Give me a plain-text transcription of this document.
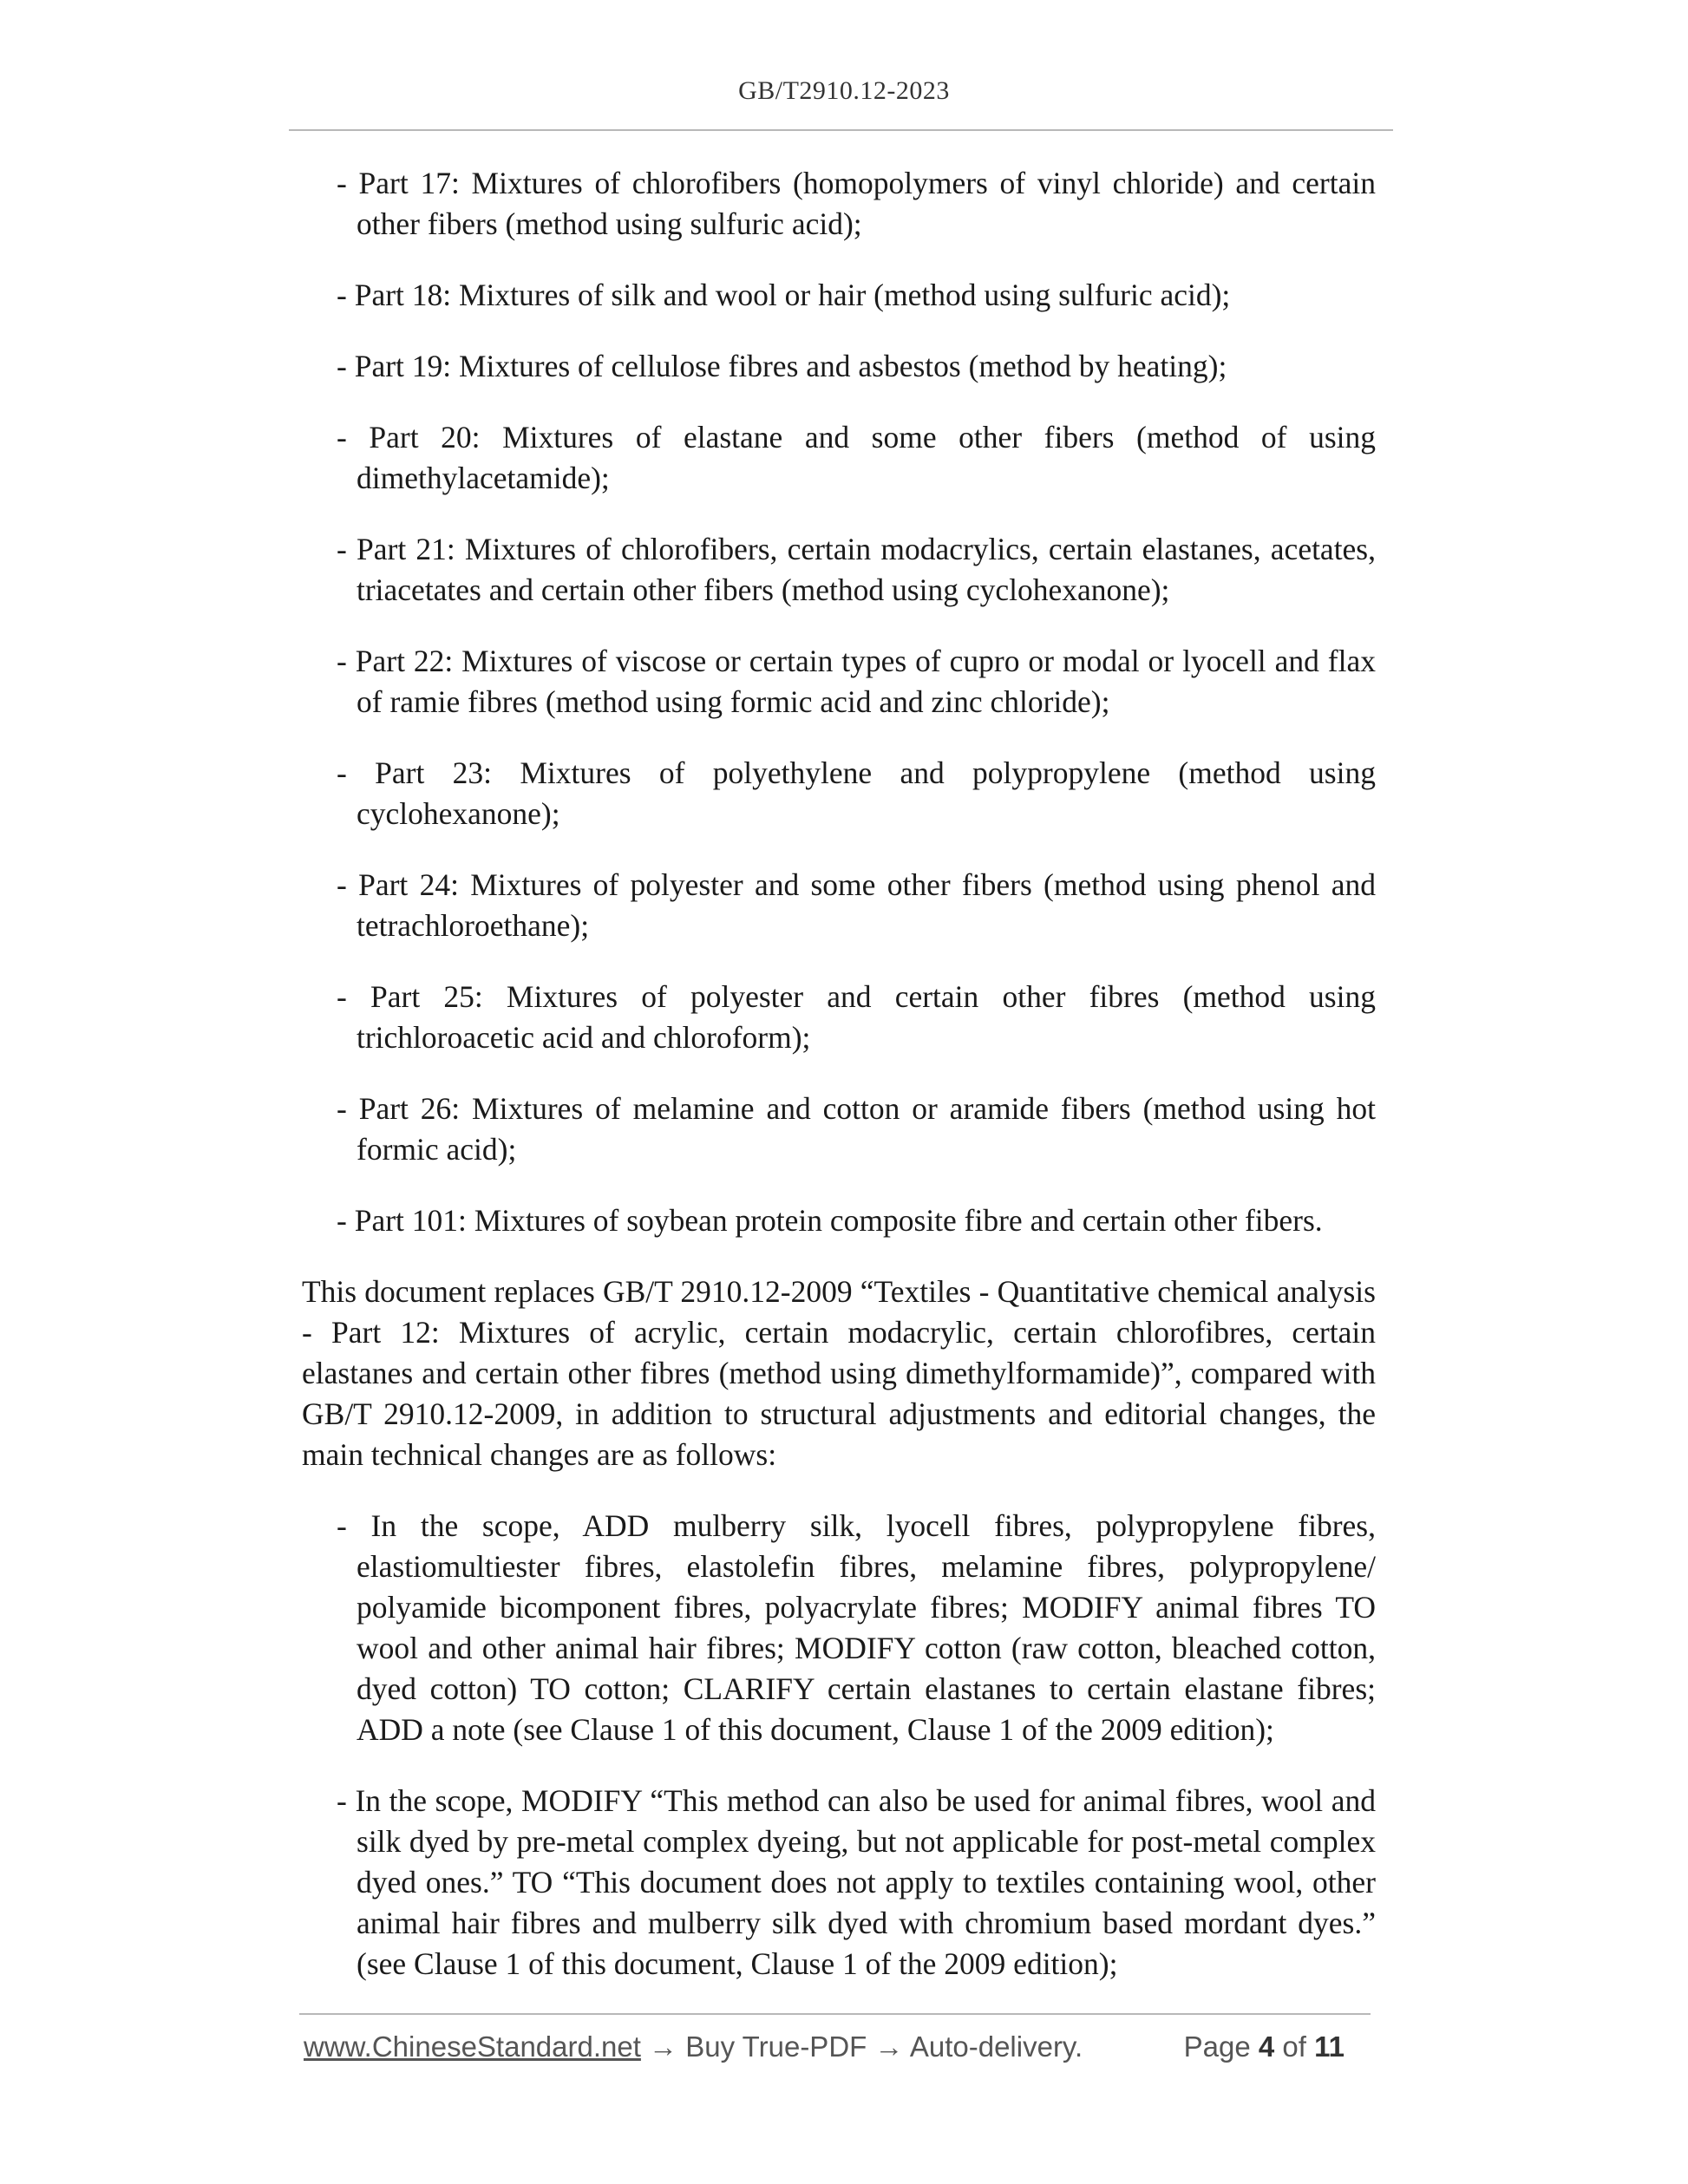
GB/T2910.12-2023
- Part 17: Mixtures of chlorofibers (homopolymers of vinyl chloride) and certain other fibers (method using sulfuric acid);
- Part 18: Mixtures of silk and wool or hair (method using sulfuric acid);
- Part 19: Mixtures of cellulose fibres and asbestos (method by heating);
- Part 20: Mixtures of elastane and some other fibers (method of using dimethylacetamide);
- Part 21: Mixtures of chlorofibers, certain modacrylics, certain elastanes, acetates, triacetates and certain other fibers (method using cyclohexanone);
- Part 22: Mixtures of viscose or certain types of cupro or modal or lyocell and flax of ramie fibres (method using formic acid and zinc chloride);
- Part 23: Mixtures of polyethylene and polypropylene (method using cyclohexanone);
- Part 24: Mixtures of polyester and some other fibers (method using phenol and tetrachloroethane);
- Part 25: Mixtures of polyester and certain other fibres (method using trichloroacetic acid and chloroform);
- Part 26: Mixtures of melamine and cotton or aramide fibers (method using hot formic acid);
- Part 101: Mixtures of soybean protein composite fibre and certain other fibers.
This document replaces GB/T 2910.12-2009 “Textiles - Quantitative chemical analysis - Part 12: Mixtures of acrylic, certain modacrylic, certain chlorofibres, certain elastanes and certain other fibres (method using dimethylformamide)”, compared with GB/T 2910.12-2009, in addition to structural adjustments and editorial changes, the main technical changes are as follows:
- In the scope, ADD mulberry silk, lyocell fibres, polypropylene fibres, elastiomultiester fibres, elastolefin fibres, melamine fibres, polypropylene/ polyamide bicomponent fibres, polyacrylate fibres; MODIFY animal fibres TO wool and other animal hair fibres; MODIFY cotton (raw cotton, bleached cotton, dyed cotton) TO cotton; CLARIFY certain elastanes to certain elastane fibres; ADD a note (see Clause 1 of this document, Clause 1 of the 2009 edition);
- In the scope, MODIFY “This method can also be used for animal fibres, wool and silk dyed by pre-metal complex dyeing, but not applicable for post-metal complex dyed ones.” TO “This document does not apply to textiles containing wool, other animal hair fibres and mulberry silk dyed with chromium based mordant dyes.” (see Clause 1 of this document, Clause 1 of the 2009 edition);
www.ChineseStandard.net → Buy True-PDF → Auto-delivery.	Page 4 of 11
